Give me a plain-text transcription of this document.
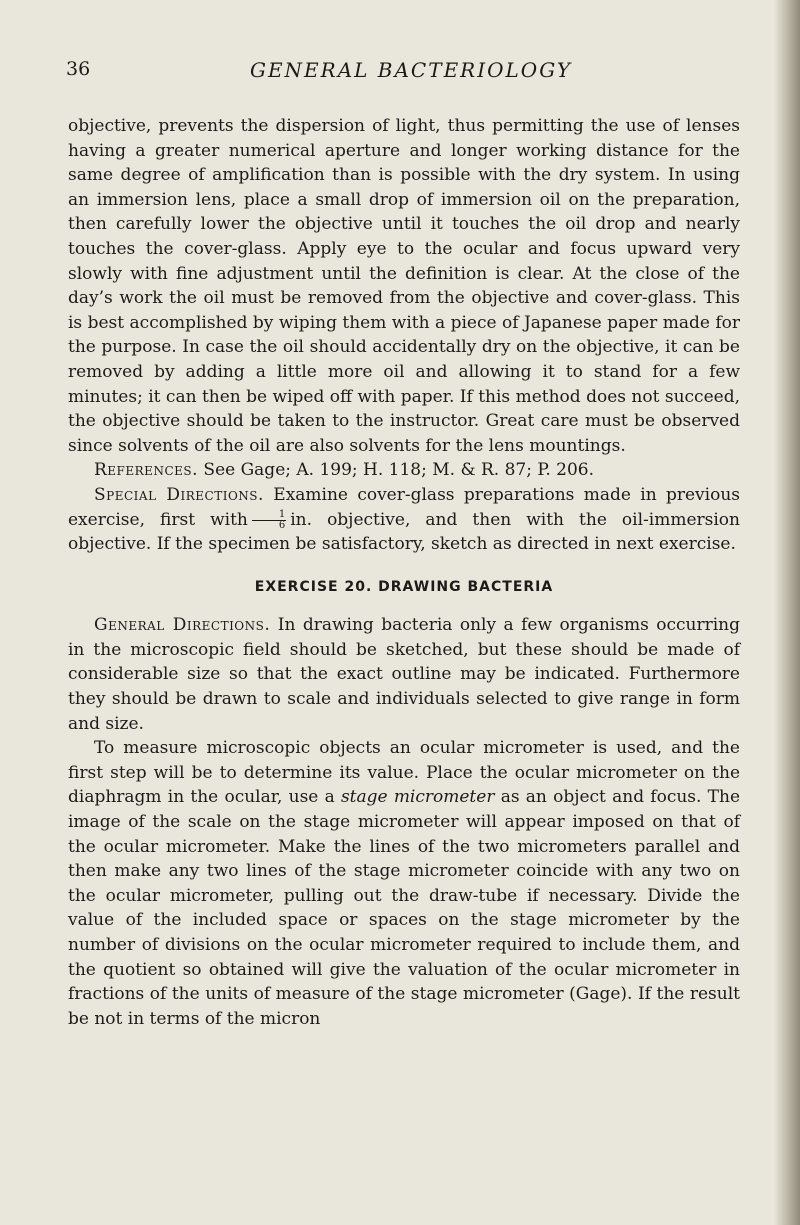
36	GENERAL BACTERIOLOGY

objective, prevents the dispersion of light, thus permitting the use of lenses having a greater numerical aperture and longer working distance for the same degree of amplification than is possible with the dry system. In using an immersion lens, place a small drop of immersion oil on the preparation, then carefully lower the objective until it touches the oil drop and nearly touches the cover-glass. Apply eye to the ocular and focus upward very slowly with fine adjustment until the definition is clear. At the close of the day’s work the oil must be removed from the objective and cover-glass. This is best accomplished by wiping them with a piece of Japanese paper made for the purpose. In case the oil should accidentally dry on the objective, it can be removed by adding a little more oil and allowing it to stand for a few minutes; it can then be wiped off with paper. If this method does not succeed, the objective should be taken to the instructor. Great care must be observed since solvents of the oil are also solvents for the lens mountings.

References. See Gage; A. 199; H. 118; M. & R. 87; P. 206.

Special Directions. Examine cover-glass preparations made in previous exercise, first with $\frac{1}{6}$ in. objective, and then with the oil-immersion objective. If the specimen be satisfactory, sketch as directed in next exercise.

EXERCISE 20. DRAWING BACTERIA

General Directions. In drawing bacteria only a few organisms occurring in the microscopic field should be sketched, but these should be made of considerable size so that the exact outline may be indicated. Furthermore they should be drawn to scale and individuals selected to give range in form and size.

To measure microscopic objects an ocular micrometer is used, and the first step will be to determine its value. Place the ocular micrometer on the diaphragm in the ocular, use a stage micrometer as an object and focus. The image of the scale on the stage micrometer will appear imposed on that of the ocular micrometer. Make the lines of the two micrometers parallel and then make any two lines of the stage micrometer coincide with any two on the ocular micrometer, pulling out the draw-tube if necessary. Divide the value of the included space or spaces on the stage micrometer by the number of divisions on the ocular micrometer required to include them, and the quotient so obtained will give the valuation of the ocular micrometer in fractions of the units of measure of the stage micrometer (Gage). If the result be not in terms of the micron
